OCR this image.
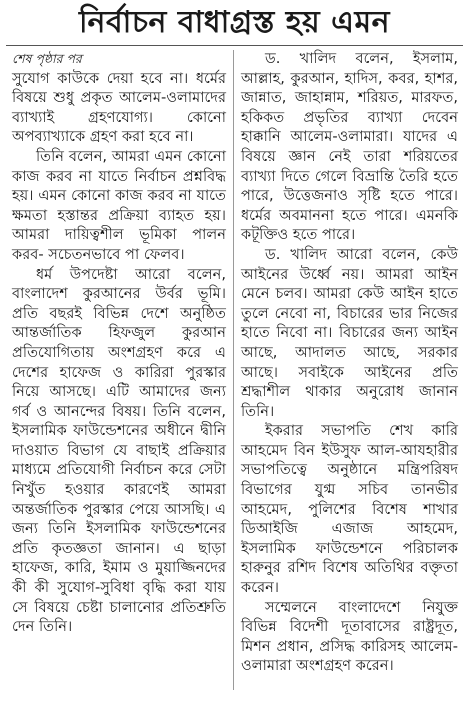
নির্বাচন বাধাগ্রস্ত হয় এমন

শেষ পৃষ্ঠার পর

সুযোগ কাউকে দেয়া হবে না। ধর্মের বিষয়ে শুধু প্রকৃত আলেম-ওলামাদের ব্যাখ্যাই গ্রহণযোগ্য। কোনো অপব্যাখ্যাকে গ্রহণ করা হবে না।

তিনি বলেন, আমরা এমন কোনো কাজ করব না যাতে নির্বাচন প্রশ্নবিদ্ধ হয়। এমন কোনো কাজ করব না যাতে ক্ষমতা হস্তান্তর প্রক্রিয়া ব্যাহত হয়। আমরা দায়িত্বশীল ভূমিকা পালন করব- সচেতনভাবে পা ফেলব।

ধর্ম উপদেষ্টা আরো বলেন, বাংলাদেশ কুরআনের উর্বর ভূমি। প্রতি বছরই বিভিন্ন দেশে অনুষ্ঠিত আন্তর্জাতিক হিফজুল কুরআন প্রতিযোগিতায় অংশগ্রহণ করে এ দেশের হাফেজ ও কারিরা পুরস্কার নিয়ে আসছে। এটি আমাদের জন্য গর্ব ও আনন্দের বিষয়। তিনি বলেন, ইসলামিক ফাউন্ডেশনের অধীনে দ্বীনি দাওয়াত বিভাগ যে বাছাই প্রক্রিয়ার মাধ্যমে প্রতিযোগী নির্বাচন করে সেটা নিখুঁত হওয়ার কারণেই আমরা অন্তর্জাতিক পুরস্কার পেয়ে আসছি। এ জন্য তিনি ইসলামিক ফাউন্ডেশনের প্রতি কৃতজ্ঞতা জানান। এ ছাড়া হাফেজ, কারি, ইমাম ও মুয়াজ্জিনদের কী কী সুযোগ-সুবিধা বৃদ্ধি করা যায় সে বিষয়ে চেষ্টা চালানোর প্রতিশ্রুতি দেন তিনি।

ড. খালিদ বলেন, ইসলাম, আল্লাহ, কুরআন, হাদিস, কবর, হাশর, জান্নাত, জাহান্নাম, শরিয়ত, মারফত, হকিকত প্রভৃতির ব্যাখ্যা দেবেন হাক্কানি আলেম-ওলামারা। যাদের এ বিষয়ে জ্ঞান নেই তারা শরিয়তের ব্যাখ্যা দিতে গেলে বিভ্রান্তি তৈরি হতে পারে, উত্তেজনাও সৃষ্টি হতে পারে। ধর্মের অবমাননা হতে পারে। এমনকি কটূক্তিও হতে পারে।

ড. খালিদ আরো বলেন, কেউ আইনের উর্ধ্বে নয়। আমরা আইন মেনে চলব। আমরা কেউ আইন হাতে তুলে নেবো না, বিচারের ভার নিজের হাতে নিবো না। বিচারের জন্য আইন আছে, আদালত আছে, সরকার আছে। সবাইকে আইনের প্রতি শ্রদ্ধাশীল থাকার অনুরোধ জানান তিনি।

ইকরার সভাপতি শেখ কারি আহমেদ বিন ইউসুফ আল-আযহারীর সভাপতিত্বে অনুষ্ঠানে মন্ত্রিপরিষদ বিভাগের যুগ্ম সচিব তানভীর আহমেদ, পুলিশের বিশেষ শাখার ডিআইজি এজাজ আহমেদ, ইসলামিক ফাউন্ডেশনে পরিচালক হারুনুর রশিদ বিশেষ অতিথির বক্তৃতা করেন।

সম্মেলনে বাংলাদেশে নিযুক্ত বিভিন্ন বিদেশী দূতাবাসের রাষ্ট্রদূত, মিশন প্রধান, প্রসিদ্ধ কারিসহ আলেম-ওলামারা অংশগ্রহণ করেন।
